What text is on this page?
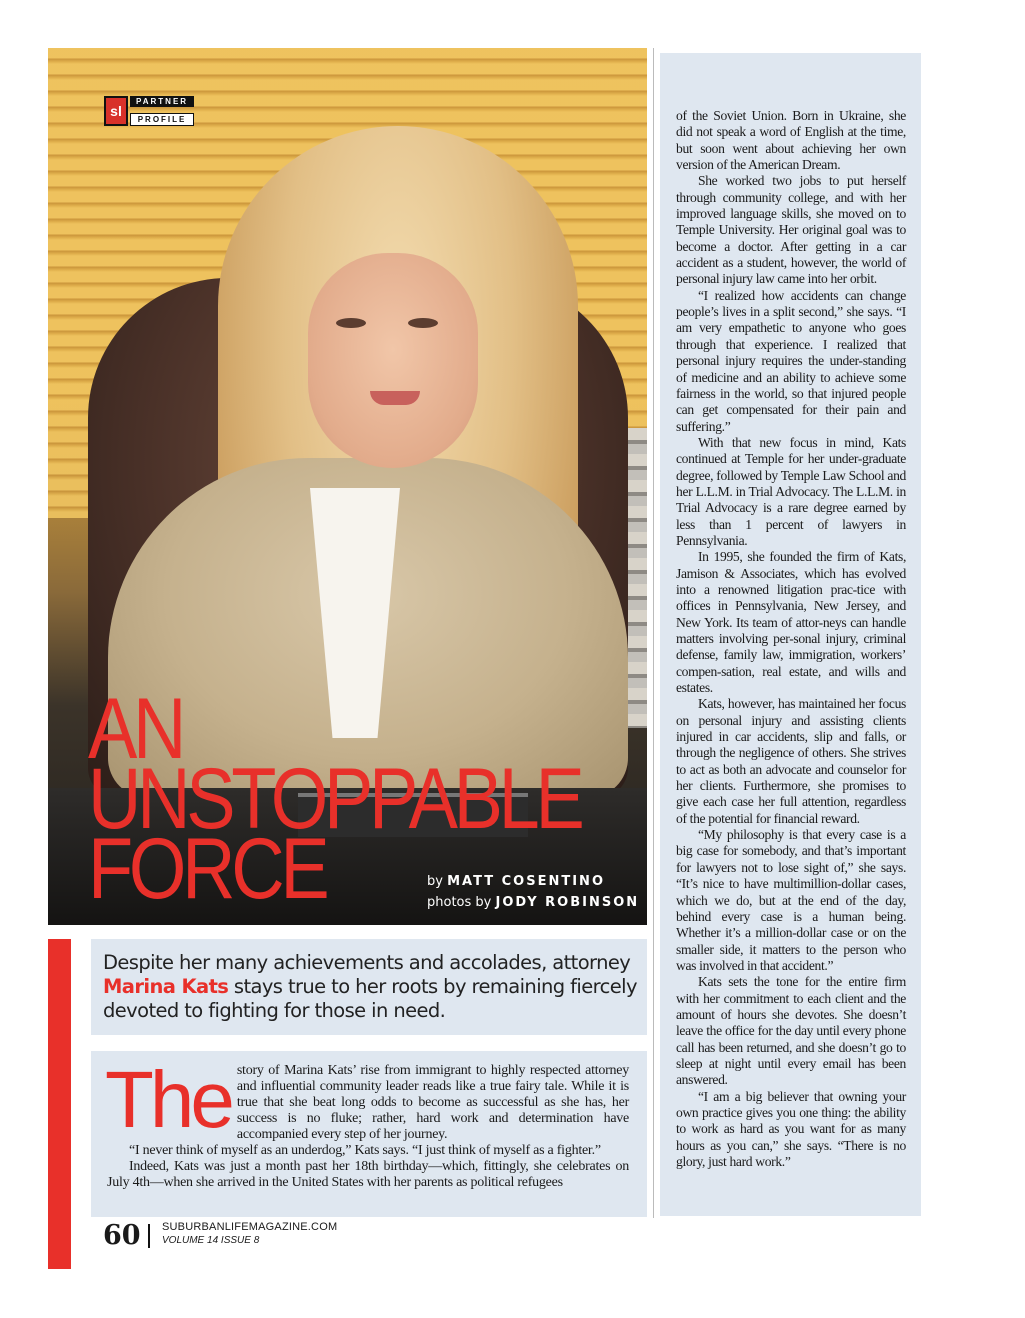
sl
PARTNER
PROFILE
AN
UNSTOPPABLE
FORCE	by MATT COSENTINO
photos by JODY ROBINSON

Despite her many achievements and accolades, attorney Marina Kats stays true to her roots by remaining fiercely devoted to fighting for those in need.

The story of Marina Kats’ rise from immigrant to highly respected attorney and influential community leader reads like a true fairy tale. While it is true that she beat long odds to become as successful as she has, her success is no fluke; rather, hard work and determination have accompanied every step of her journey.

“I never think of myself as an underdog,” Kats says. “I just think of myself as a fighter.”

Indeed, Kats was just a month past her 18th birthday—which, fittingly, she celebrates on July 4th—when she arrived in the United States with her parents as political refugees

of the Soviet Union. Born in Ukraine, she did not speak a word of English at the time, but soon went about achieving her own version of the American Dream.

She worked two jobs to put herself through community college, and with her improved language skills, she moved on to Temple University. Her original goal was to become a doctor. After getting in a car accident as a student, however, the world of personal injury law came into her orbit.

“I realized how accidents can change people’s lives in a split second,” she says. “I am very empathetic to anyone who goes through that experience. I realized that personal injury requires the under-standing of medicine and an ability to achieve some fairness in the world, so that injured people can get compensated for their pain and suffering.”

With that new focus in mind, Kats continued at Temple for her under-graduate degree, followed by Temple Law School and her L.L.M. in Trial Advocacy. The L.L.M. in Trial Advocacy is a rare degree earned by less than 1 percent of lawyers in Pennsylvania.

In 1995, she founded the firm of Kats, Jamison & Associates, which has evolved into a renowned litigation prac-tice with offices in Pennsylvania, New Jersey, and New York. Its team of attor-neys can handle matters involving per-sonal injury, criminal defense, family law, immigration, workers’ compen-sation, real estate, and wills and estates.

Kats, however, has maintained her focus on personal injury and assisting clients injured in car accidents, slip and falls, or through the negligence of others. She strives to act as both an advocate and counselor for her clients. Furthermore, she promises to give each case her full attention, regardless of the potential for financial reward.

“My philosophy is that every case is a big case for somebody, and that’s important for lawyers not to lose sight of,” she says. “It’s nice to have multimillion-dollar cases, which we do, but at the end of the day, behind every case is a human being. Whether it’s a million-dollar case or on the smaller side, it matters to the person who was involved in that accident.”

Kats sets the tone for the entire firm with her commitment to each client and the amount of hours she devotes. She doesn’t leave the office for the day until every phone call has been returned, and she doesn’t go to sleep at night until every email has been answered.

“I am a big believer that owning your own practice gives you one thing: the ability to work as hard as you want for as many hours as you can,” she says. “There is no glory, just hard work.”

60 SUBURBANLIFEMAGAZINE.COM
VOLUME 14 ISSUE 8
